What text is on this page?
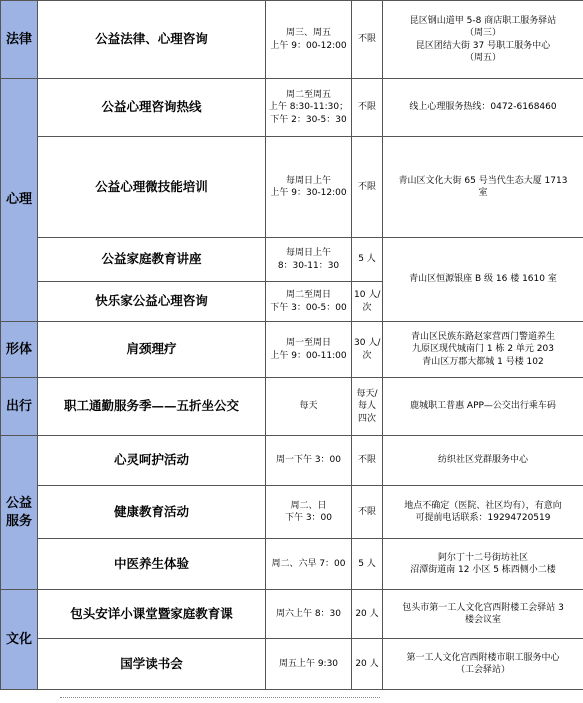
法律	公益法律、心理咨询	周三、周五
上午 9：00-12:00	不限	昆区钢山道甲 5-8 商店职工服务驿站
（周三）
昆区团结大街 37 号职工服务中心
（周五）

心理	公益心理咨询热线	周二至周五
上午 8:30-11:30；
下午 2：30-5：30	不限	线上心理服务热线：0472-6168460

	公益心理微技能培训	每周日上午
上午 9：30-12:00	不限	青山区文化大街 65 号当代生态大厦 1713
室

	公益家庭教育讲座	每周日上午
8：30-11：30	5 人	青山区恒源银座 B 级 16 楼 1610 室

	快乐家公益心理咨询	周二至周日
下午 3：00-5：00	10 人/
次	

形体	肩颈理疗	周一至周日
上午 9：00-11:00	30 人/
次	青山区民族东路赵家营西门警道养生
九原区现代城南门 1 栋 2 单元 203
青山区万郡大都城 1 号楼 102

出行	职工通勤服务季——五折坐公交	每天	每天/
每人
四次	鹿城职工普惠 APP—公交出行乘车码

公益服务	心灵呵护活动	周一下午 3：00	不限	纺织社区党群服务中心

	健康教育活动	周二、日
下午 3：00	不限	地点不确定（医院、社区均有），有意向
可提前电话联系：19294720519

	中医养生体验	周二、六早 7：00	5 人	阿尔丁十二号街坊社区
沼潭街道南 12 小区 5 栋西侧小二楼

文化	包头安详小课堂暨家庭教育课	周六上午 8：30	20 人	包头市第一工人文化宫西附楼工会驿站 3
楼会议室

	国学读书会	周五上午 9:30	20 人	第一工人文化宫西附楼市职工服务中心
（工会驿站）
